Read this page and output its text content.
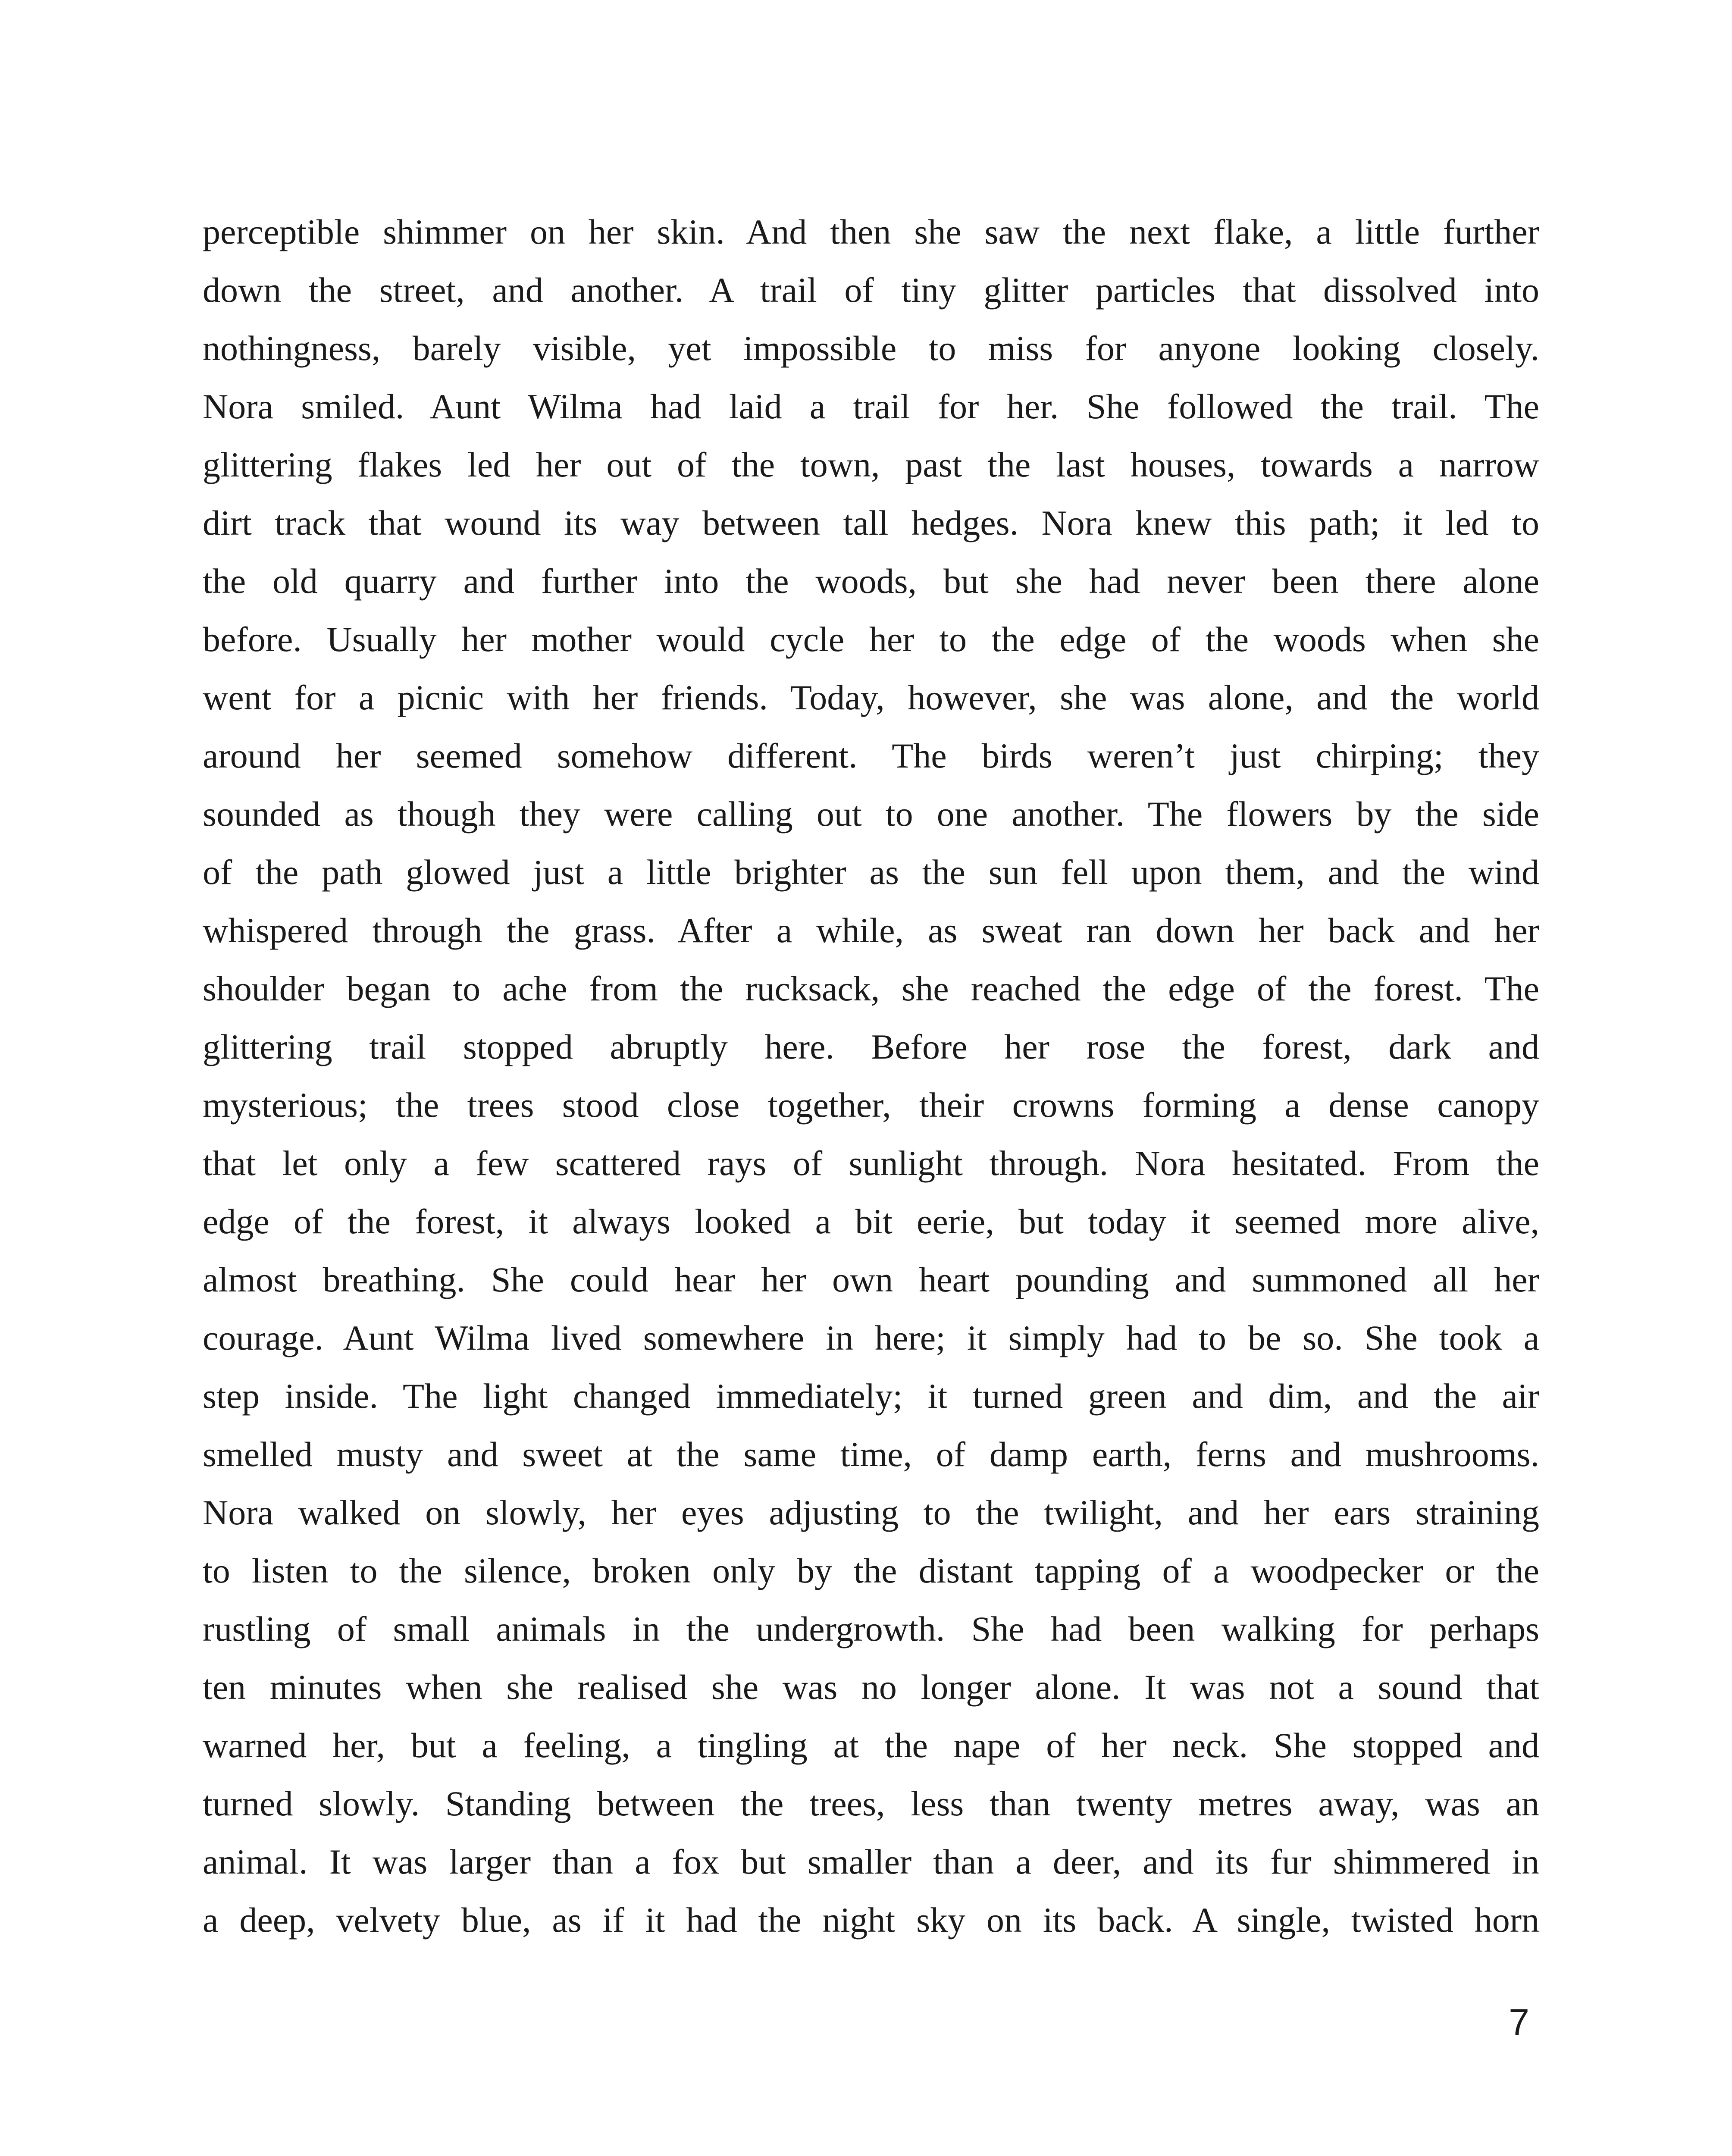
perceptible shimmer on her skin. And then she saw the next flake, a little further
down the street, and another. A trail of tiny glitter particles that dissolved into
nothingness, barely visible, yet impossible to miss for anyone looking closely.
Nora smiled. Aunt Wilma had laid a trail for her. She followed the trail. The
glittering flakes led her out of the town, past the last houses, towards a narrow
dirt track that wound its way between tall hedges. Nora knew this path; it led to
the old quarry and further into the woods, but she had never been there alone
before. Usually her mother would cycle her to the edge of the woods when she
went for a picnic with her friends. Today, however, she was alone, and the world
around her seemed somehow different. The birds weren’t just chirping; they
sounded as though they were calling out to one another. The flowers by the side
of the path glowed just a little brighter as the sun fell upon them, and the wind
whispered through the grass. After a while, as sweat ran down her back and her
shoulder began to ache from the rucksack, she reached the edge of the forest. The
glittering trail stopped abruptly here. Before her rose the forest, dark and
mysterious; the trees stood close together, their crowns forming a dense canopy
that let only a few scattered rays of sunlight through. Nora hesitated. From the
edge of the forest, it always looked a bit eerie, but today it seemed more alive,
almost breathing. She could hear her own heart pounding and summoned all her
courage. Aunt Wilma lived somewhere in here; it simply had to be so. She took a
step inside. The light changed immediately; it turned green and dim, and the air
smelled musty and sweet at the same time, of damp earth, ferns and mushrooms.
Nora walked on slowly, her eyes adjusting to the twilight, and her ears straining
to listen to the silence, broken only by the distant tapping of a woodpecker or the
rustling of small animals in the undergrowth. She had been walking for perhaps
ten minutes when she realised she was no longer alone. It was not a sound that
warned her, but a feeling, a tingling at the nape of her neck. She stopped and
turned slowly. Standing between the trees, less than twenty metres away, was an
animal. It was larger than a fox but smaller than a deer, and its fur shimmered in
a deep, velvety blue, as if it had the night sky on its back. A single, twisted horn
7
